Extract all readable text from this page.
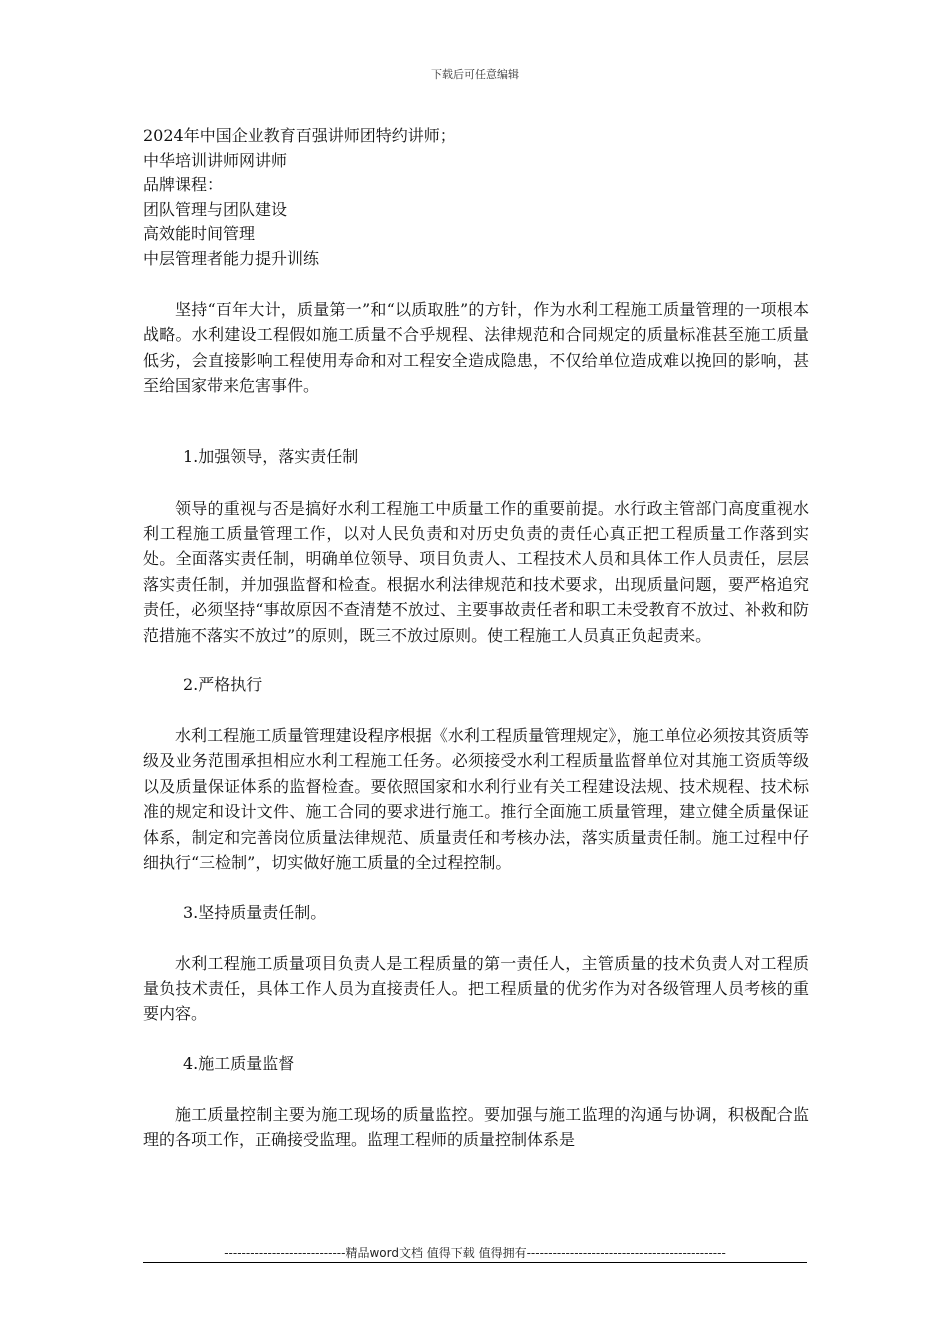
下载后可任意编辑
2024年中国企业教育百强讲师团特约讲师；
中华培训讲师网讲师
品牌课程：
团队管理与团队建设
高效能时间管理
中层管理者能力提升训练

坚持“百年大计，质量第一”和“以质取胜”的方针，作为水利工程施工质量管理的一项根本战略。水利建设工程假如施工质量不合乎规程、法律规范和合同规定的质量标准甚至施工质量低劣，会直接影响工程使用寿命和对工程安全造成隐患，不仅给单位造成难以挽回的影响，甚至给国家带来危害事件。

1.加强领导，落实责任制

领导的重视与否是搞好水利工程施工中质量工作的重要前提。水行政主管部门高度重视水利工程施工质量管理工作，以对人民负责和对历史负责的责任心真正把工程质量工作落到实处。全面落实责任制，明确单位领导、项目负责人、工程技术人员和具体工作人员责任，层层落实责任制，并加强监督和检查。根据水利法律规范和技术要求，出现质量问题，要严格追究责任，必须坚持“事故原因不查清楚不放过、主要事故责任者和职工未受教育不放过、补救和防范措施不落实不放过”的原则，既三不放过原则。使工程施工人员真正负起责来。

2.严格执行

水利工程施工质量管理建设程序根据《水利工程质量管理规定》，施工单位必须按其资质等级及业务范围承担相应水利工程施工任务。必须接受水利工程质量监督单位对其施工资质等级以及质量保证体系的监督检查。要依照国家和水利行业有关工程建设法规、技术规程、技术标准的规定和设计文件、施工合同的要求进行施工。推行全面施工质量管理，建立健全质量保证体系，制定和完善岗位质量法律规范、质量责任和考核办法，落实质量责任制。施工过程中仔细执行“三检制”，切实做好施工质量的全过程控制。

3.坚持质量责任制。

水利工程施工质量项目负责人是工程质量的第一责任人，主管质量的技术负责人对工程质量负技术责任，具体工作人员为直接责任人。把工程质量的优劣作为对各级管理人员考核的重要内容。

4.施工质量监督

施工质量控制主要为施工现场的质量监控。要加强与施工监理的沟通与协调，积极配合监理的各项工作，正确接受监理。监理工程师的质量控制体系是

----------------------------精品word文档 值得下载 值得拥有----------------------------------------------
